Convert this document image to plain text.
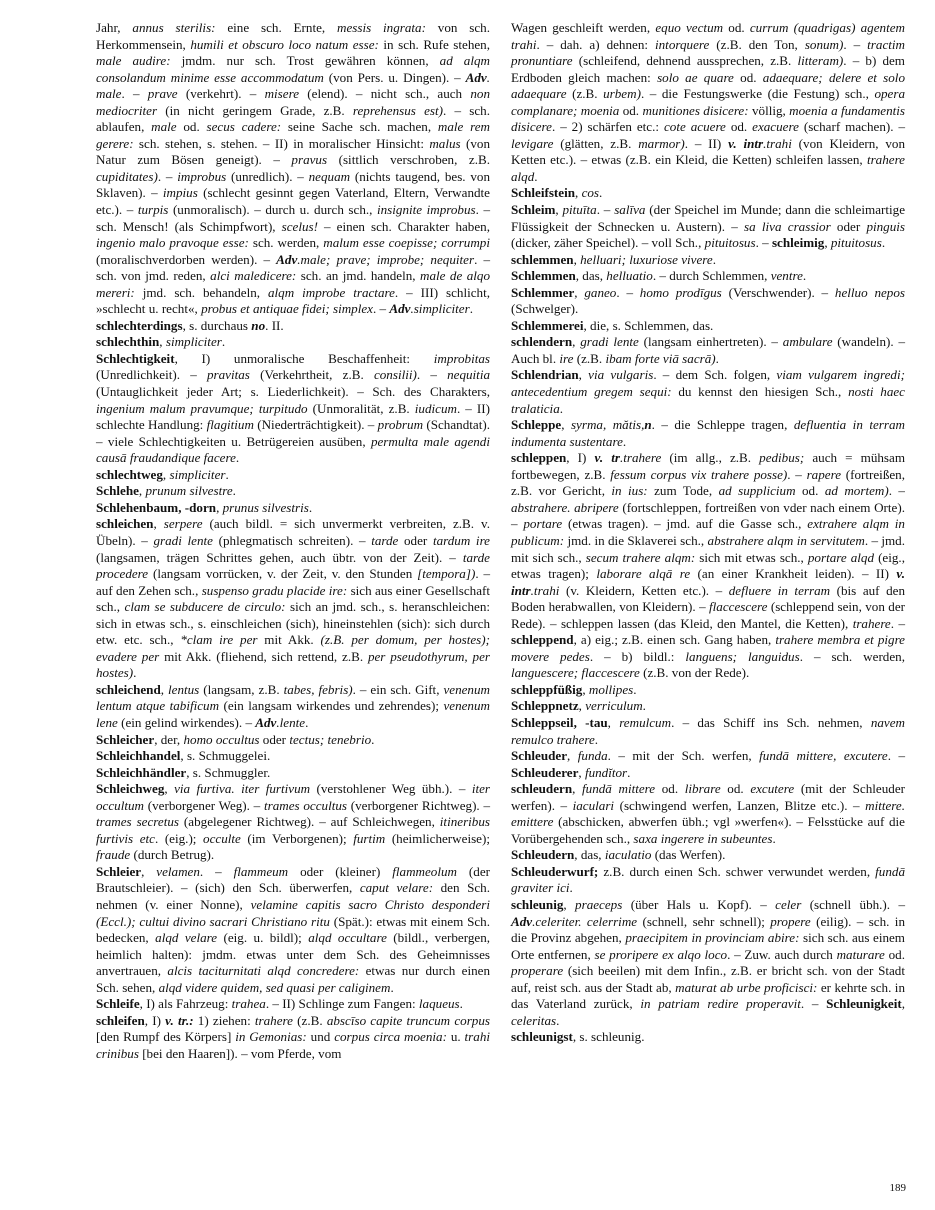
Jahr, annus sterilis: eine sch. Ernte, messis ingrata: von sch. Herkommensein, humili et obscuro loco natum esse: in sch. Rufe stehen, male audire: jmdm. nur sch. Trost gewähren können, ad alqm consolandum minime esse accommodatum (von Pers. u. Dingen). – Adv. male. – prave (verkehrt). – misere (elend). – nicht sch., auch non mediocriter (in nicht geringem Grade, z.B. reprehensus est). – sch. ablaufen, male od. secus cadere: seine Sache sch. machen, male rem gerere: sch. stehen, s. stehen. – II) in moralischer Hinsicht: malus (von Natur zum Bösen geneigt). – pravus (sittlich verschroben, z.B. cupiditates). – improbus (unredlich). – nequam (nichts taugend, bes. von Sklaven). – impius (schlecht gesinnt gegen Vaterland, Eltern, Verwandte etc.). – turpis (unmoralisch). – durch u. durch sch., insignite improbus. – sch. Mensch! (als Schimpfwort), scelus! – einen sch. Charakter haben, ingenio malo pravoque esse: sch. werden, malum esse coepisse; corrumpi (moralischverdorben werden). – Adv.male; prave; improbe; nequiter. – sch. von jmd. reden, alci maledicere: sch. an jmd. handeln, male de alqo mereri: jmd. sch. behandeln, alqm improbe tractare. – III) schlicht, »schlecht u. recht«, probus et antiquae fidei; simplex. – Adv.simpliciter.

schlechterdings, s. durchaus no. II.

schlechthin, simpliciter.

Schlechtigkeit, I) unmoralische Beschaffenheit: improbitas (Unredlichkeit). – pravitas (Verkehrtheit, z.B. consilii). – nequitia (Untauglichkeit jeder Art; s. Liederlichkeit). – Sch. des Charakters, ingenium malum pravumque; turpitudo (Unmoralität, z.B. iudicum. – II) schlechte Handlung: flagitium (Niederträchtigkeit). – probrum (Schandtat). – viele Schlechtigkeiten u. Betrügereien ausüben, permulta male agendi causā fraudandique facere.

schlechtweg, simpliciter.

Schlehe, prunum silvestre.

Schlehenbaum, -dorn, prunus silvestris.

schleichen, serpere (auch bildl. = sich unvermerkt verbreiten, z.B. v. Übeln). – gradi lente (phlegmatisch schreiten). – tarde oder tardum ire (langsamen, trägen Schrittes gehen, auch übtr. von der Zeit). – tarde procedere (langsam vorrücken, v. der Zeit, v. den Stunden [tempora]). – auf den Zehen sch., suspenso gradu placide ire: sich aus einer Gesellschaft sch., clam se subducere de circulo: sich an jmd. sch., s. heranschleichen: sich in etwas sch., s. einschleichen (sich), hineinstehlen (sich): sich durch etw. etc. sch., *clam ire per mit Akk. (z.B. per domum, per hostes); evadere per mit Akk. (fliehend, sich rettend, z.B. per pseudothyrum, per hostes).

schleichend, lentus (langsam, z.B. tabes, febris). – ein sch. Gift, venenum lentum atque tabificum (ein langsam wirkendes und zehrendes); venenum lene (ein gelind wirkendes). – Adv.lente.

Schleicher, der, homo occultus oder tectus; tenebrio.

Schleichhandel, s. Schmuggelei.

Schleichhändler, s. Schmuggler.

Schleichweg, via furtiva. iter furtivum (verstohlener Weg übh.). – iter occultum (verborgener Weg). – trames occultus (verborgener Richtweg). – trames secretus (abgelegener Richtweg). – auf Schleichwegen, itineribus furtivis etc. (eig.); occulte (im Verborgenen); furtim (heimlicherweise); fraude (durch Betrug).

Schleier, velamen. – flammeum oder (kleiner) flammeolum (der Brautschleier). – (sich) den Sch. überwerfen, caput velare: den Sch. nehmen (v. einer Nonne), velamine capitis sacro Christo desponderi (Eccl.); cultui divino sacrari Christiano ritu (Spät.): etwas mit einem Sch. bedecken, alqd velare (eig. u. bildl); alqd occultare (bildl., verbergen, heimlich halten): jmdm. etwas unter dem Sch. des Geheimnisses anvertrauen, alcis taciturnitati alqd concredere: etwas nur durch einen Sch. sehen, alqd videre quidem, sed quasi per caliginem.

Schleife, I) als Fahrzeug: trahea. – II) Schlinge zum Fangen: laqueus.

schleifen, I) v. tr.: 1) ziehen: trahere (z.B. abscīso capite truncum corpus [den Rumpf des Körpers] in Gemonias: und corpus circa moenia: u. trahi crinibus [bei den Haaren]). – vom Pferde, vom

Wagen geschleift werden, equo vectum od. currum (quadrigas) agentem trahi. – dah. a) dehnen: intorquere (z.B. den Ton, sonum). – tractim pronuntiare (schleifend, dehnend aussprechen, z.B. litteram). – b) dem Erdboden gleich machen: solo ae quare od. adaequare; delere et solo adaequare (z.B. urbem). – die Festungswerke (die Festung) sch., opera complanare; moenia od. munitiones disicere: völlig, moenia a fundamentis disicere. – 2) schärfen etc.: cote acuere od. exacuere (scharf machen). – levigare (glätten, z.B. marmor). – II) v. intr.trahi (von Kleidern, von Ketten etc.). – etwas (z.B. ein Kleid, die Ketten) schleifen lassen, trahere alqd.

Schleifstein, cos.

Schleim, pituīta. – salīva (der Speichel im Munde; dann die schleimartige Flüssigkeit der Schnecken u. Austern). – sa liva crassior oder pinguis (dicker, zäher Speichel). – voll Sch., pituitosus. – schleimig, pituitosus.

schlemmen, helluari; luxuriose vivere.

Schlemmen, das, helluatio. – durch Schlemmen, ventre.

Schlemmer, ganeo. – homo prodīgus (Verschwender). – helluo nepos (Schwelger).

Schlemmerei, die, s. Schlemmen, das.

schlendern, gradi lente (langsam einhertreten). – ambulare (wandeln). – Auch bl. ire (z.B. ibam forte viā sacrā).

Schlendrian, via vulgaris. – dem Sch. folgen, viam vulgarem ingredi; antecedentium gregem sequi: du kennst den hiesigen Sch., nosti haec tralaticia.

Schleppe, syrma, mătis,n. – die Schleppe tragen, defluentia in terram indumenta sustentare.

schleppen, I) v. tr.trahere (im allg., z.B. pedibus; auch = mühsam fortbewegen, z.B. fessum corpus vix trahere posse). – rapere (fortreißen, z.B. vor Gericht, in ius: zum Tode, ad supplicium od. ad mortem). – abstrahere. abripere (fortschleppen, fortreißen von vder nach einem Orte). – portare (etwas tragen). – jmd. auf die Gasse sch., extrahere alqm in publicum: jmd. in die Sklaverei sch., abstrahere alqm in servitutem. – jmd. mit sich sch., secum trahere alqm: sich mit etwas sch., portare alqd (eig., etwas tragen); laborare alqā re (an einer Krankheit leiden). – II) v. intr.trahi (v. Kleidern, Ketten etc.). – defluere in terram (bis auf den Boden herabwallen, von Kleidern). – flaccescere (schleppend sein, von der Rede). – schleppen lassen (das Kleid, den Mantel, die Ketten), trahere. – schleppend, a) eig.; z.B. einen sch. Gang haben, trahere membra et pigre movere pedes. – b) bildl.: languens; languidus. – sch. werden, languescere; flaccescere (z.B. von der Rede).

schleppfüßig, mollipes.

Schleppnetz, verriculum.

Schleppseil, -tau, remulcum. – das Schiff ins Sch. nehmen, navem remulco trahere.

Schleuder, funda. – mit der Sch. werfen, fundā mittere, excutere. – Schleuderer, fundĭtor.

schleudern, fundā mittere od. librare od. excutere (mit der Schleuder werfen). – iaculari (schwingend werfen, Lanzen, Blitze etc.). – mittere. emittere (abschicken, abwerfen übh.; vgl »werfen«). – Felsstücke auf die Vorübergehenden sch., saxa ingerere in subeuntes.

Schleudern, das, iaculatio (das Werfen).

Schleuderwurf; z.B. durch einen Sch. schwer verwundet werden, fundā graviter ici.

schleunig, praeceps (über Hals u. Kopf). – celer (schnell übh.). – Adv.celeriter. celerrime (schnell, sehr schnell); propere (eilig). – sch. in die Provinz abgehen, praecipitem in provinciam abire: sich sch. aus einem Orte entfernen, se proripere ex alqo loco. – Zuw. auch durch maturare od. properare (sich beeilen) mit dem Infin., z.B. er bricht sch. von der Stadt auf, reist sch. aus der Stadt ab, maturat ab urbe proficisci: er kehrte sch. in das Vaterland zurück, in patriam redire properavit. – Schleunigkeit, celeritas.

schleunigst, s. schleunig.

189
